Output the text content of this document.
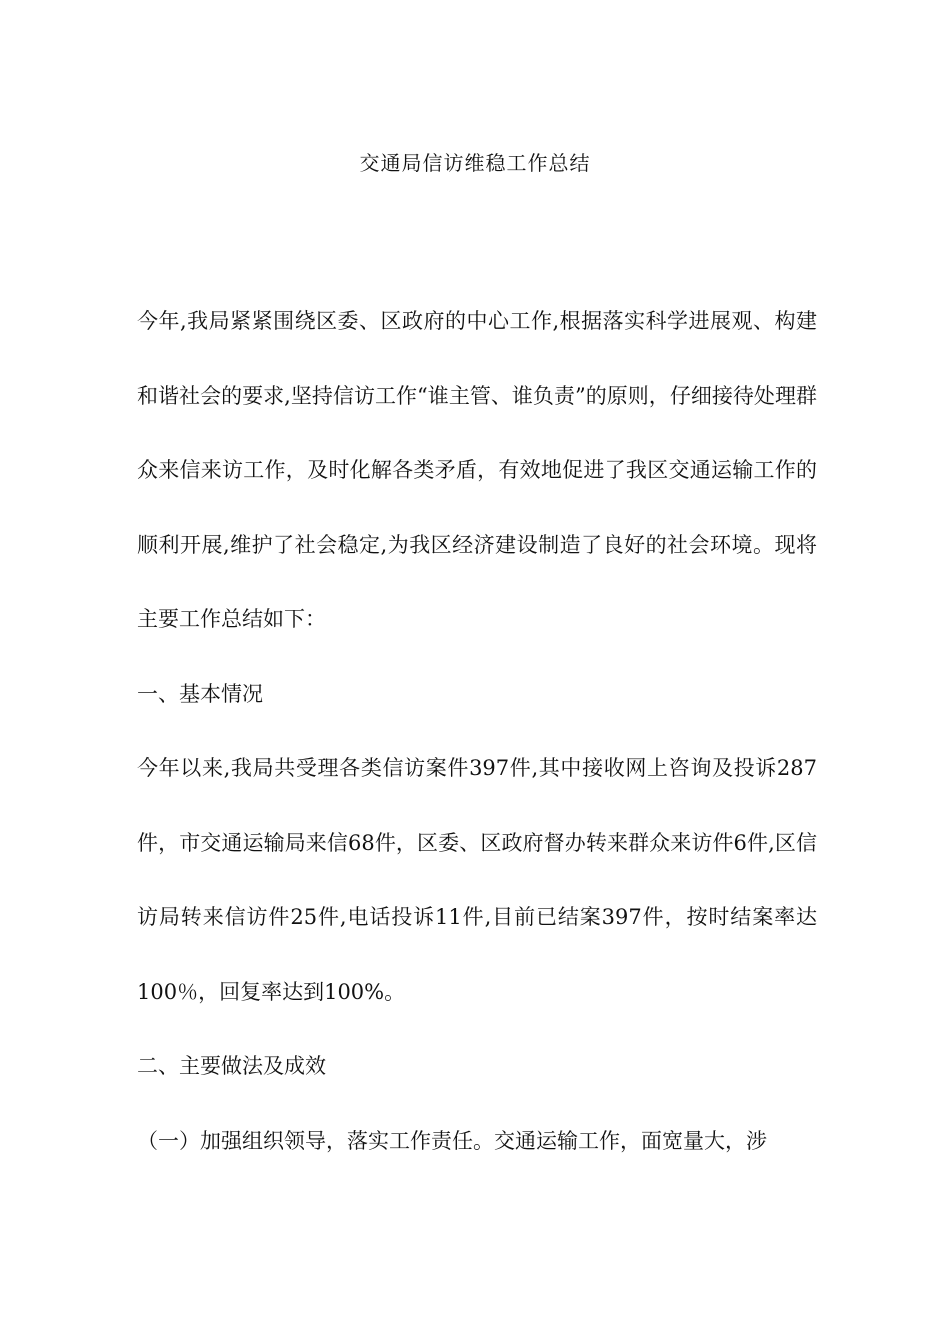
交通局信访维稳工作总结

今年,我局紧紧围绕区委、区政府的中心工作,根据落实科学进展观、构建和谐社会的要求,坚持信访工作“谁主管、谁负责”的原则，仔细接待处理群众来信来访工作，及时化解各类矛盾，有效地促进了我区交通运输工作的顺利开展,维护了社会稳定,为我区经济建设制造了良好的社会环境。现将主要工作总结如下：

一、基本情况

今年以来,我局共受理各类信访案件397件,其中接收网上咨询及投诉287件，市交通运输局来信68件，区委、区政府督办转来群众来访件6件,区信访局转来信访件25件,电话投诉11件,目前已结案397件，按时结案率达100％，回复率达到100%。

二、主要做法及成效

（一）加强组织领导，落实工作责任。交通运输工作，面宽量大，涉
